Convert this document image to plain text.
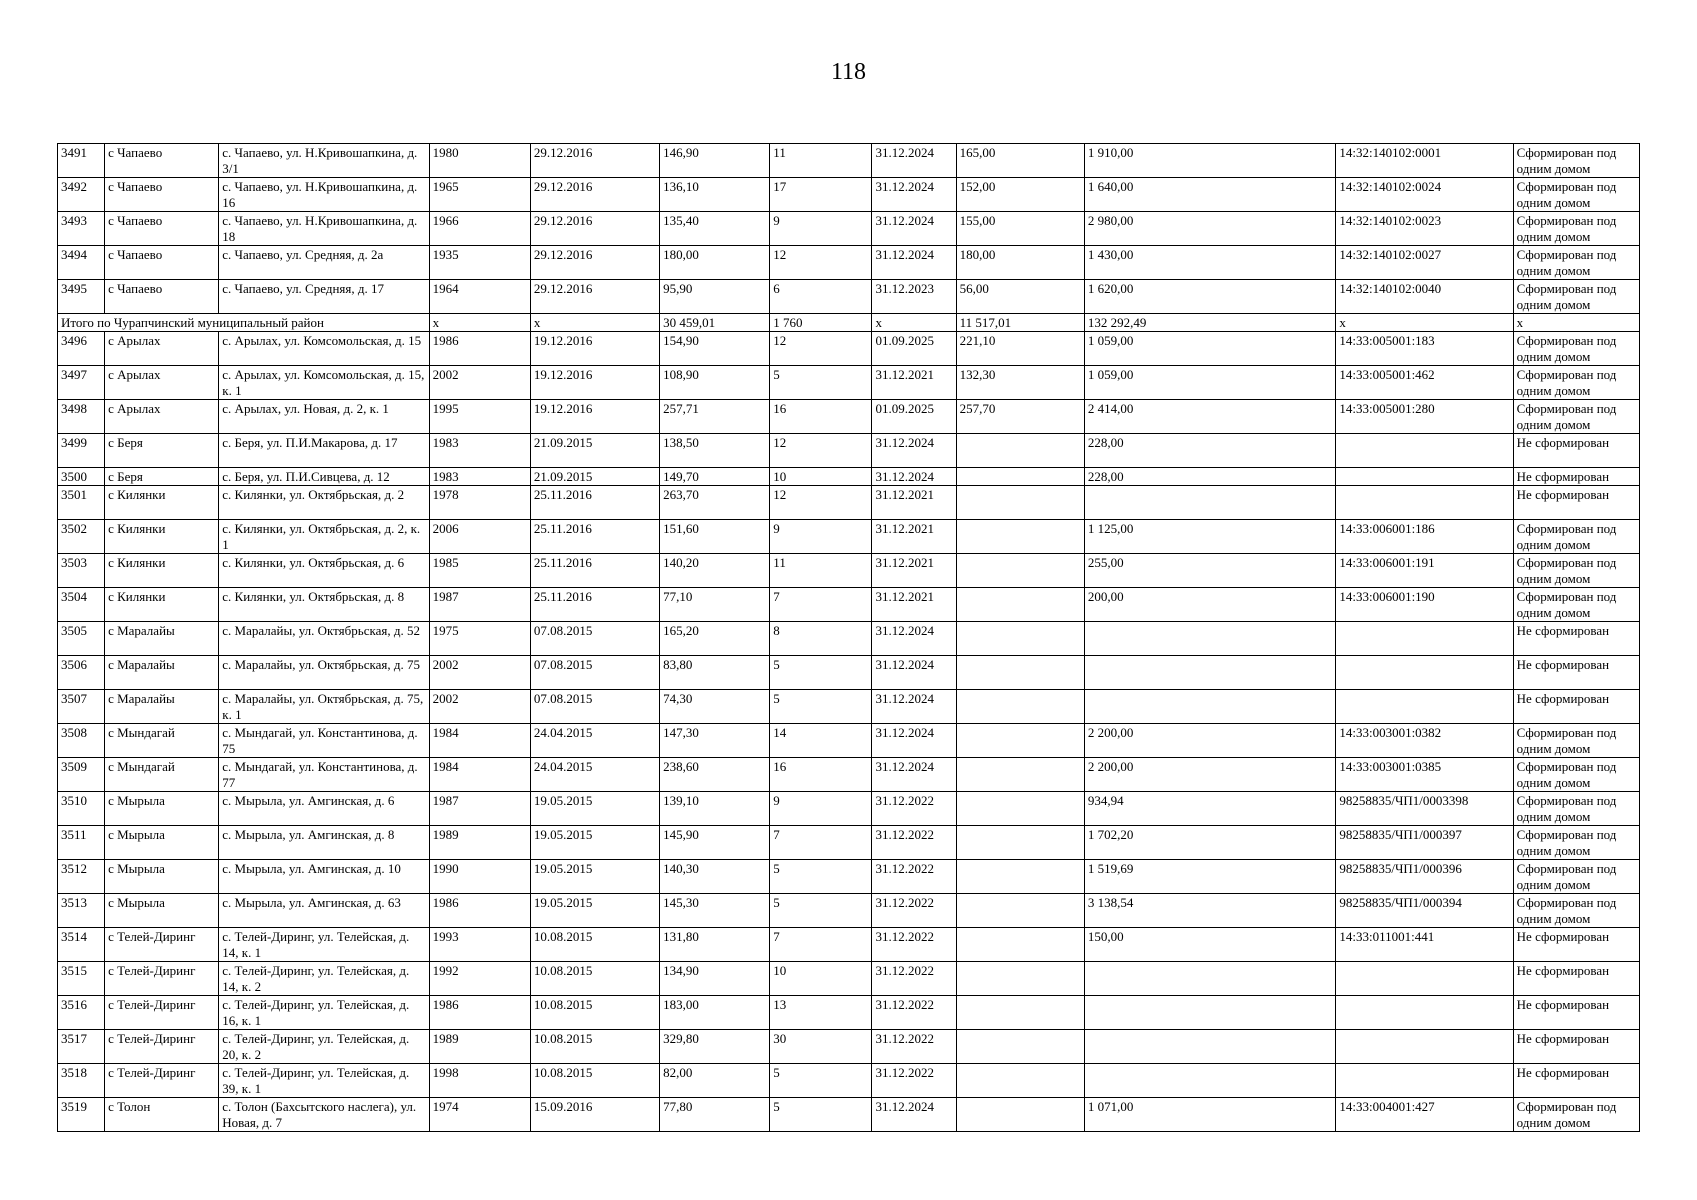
118
3491	с Чапаево	с. Чапаево, ул. Н.Кривошапкина, д. 3/1	1980	29.12.2016	146,90	11	31.12.2024	165,00	1 910,00	14:32:140102:0001	Сформирован под одним домом
3492	с Чапаево	с. Чапаево, ул. Н.Кривошапкина, д. 16	1965	29.12.2016	136,10	17	31.12.2024	152,00	1 640,00	14:32:140102:0024	Сформирован под одним домом
3493	с Чапаево	с. Чапаево, ул. Н.Кривошапкина, д. 18	1966	29.12.2016	135,40	9	31.12.2024	155,00	2 980,00	14:32:140102:0023	Сформирован под одним домом
3494	с Чапаево	с. Чапаево, ул. Средняя, д. 2а	1935	29.12.2016	180,00	12	31.12.2024	180,00	1 430,00	14:32:140102:0027	Сформирован под одним домом
3495	с Чапаево	с. Чапаево, ул. Средняя, д. 17	1964	29.12.2016	95,90	6	31.12.2023	56,00	1 620,00	14:32:140102:0040	Сформирован под одним домом
Итого по Чурапчинский муниципальный район			x	x	30 459,01	1 760	x	11 517,01	132 292,49	x	x
3496	с Арылах	с. Арылах, ул. Комсомольская, д. 15	1986	19.12.2016	154,90	12	01.09.2025	221,10	1 059,00	14:33:005001:183	Сформирован под одним домом
3497	с Арылах	с. Арылах, ул. Комсомольская, д. 15, к. 1	2002	19.12.2016	108,90	5	31.12.2021	132,30	1 059,00	14:33:005001:462	Сформирован под одним домом
3498	с Арылах	с. Арылах, ул. Новая, д. 2, к. 1	1995	19.12.2016	257,71	16	01.09.2025	257,70	2 414,00	14:33:005001:280	Сформирован под одним домом
3499	с Беря	с. Беря, ул. П.И.Макарова, д. 17	1983	21.09.2015	138,50	12	31.12.2024		228,00		Не сформирован
3500	с Беря	с. Беря, ул. П.И.Сивцева, д. 12	1983	21.09.2015	149,70	10	31.12.2024		228,00		Не сформирован
3501	с Килянки	с. Килянки, ул. Октябрьская, д. 2	1978	25.11.2016	263,70	12	31.12.2021				Не сформирован
3502	с Килянки	с. Килянки, ул. Октябрьская, д. 2, к. 1	2006	25.11.2016	151,60	9	31.12.2021		1 125,00	14:33:006001:186	Сформирован под одним домом
3503	с Килянки	с. Килянки, ул. Октябрьская, д. 6	1985	25.11.2016	140,20	11	31.12.2021		255,00	14:33:006001:191	Сформирован под одним домом
3504	с Килянки	с. Килянки, ул. Октябрьская, д. 8	1987	25.11.2016	77,10	7	31.12.2021		200,00	14:33:006001:190	Сформирован под одним домом
3505	с Маралайы	с. Маралайы, ул. Октябрьская, д. 52	1975	07.08.2015	165,20	8	31.12.2024				Не сформирован
3506	с Маралайы	с. Маралайы, ул. Октябрьская, д. 75	2002	07.08.2015	83,80	5	31.12.2024				Не сформирован
3507	с Маралайы	с. Маралайы, ул. Октябрьская, д. 75, к. 1	2002	07.08.2015	74,30	5	31.12.2024				Не сформирован
3508	с Мындагай	с. Мындагай, ул. Константинова, д. 75	1984	24.04.2015	147,30	14	31.12.2024		2 200,00	14:33:003001:0382	Сформирован под одним домом
3509	с Мындагай	с. Мындагай, ул. Константинова, д. 77	1984	24.04.2015	238,60	16	31.12.2024		2 200,00	14:33:003001:0385	Сформирован под одним домом
3510	с Мырыла	с. Мырыла, ул. Амгинская, д. 6	1987	19.05.2015	139,10	9	31.12.2022		934,94	98258835/ЧП1/0003398	Сформирован под одним домом
3511	с Мырыла	с. Мырыла, ул. Амгинская, д. 8	1989	19.05.2015	145,90	7	31.12.2022		1 702,20	98258835/ЧП1/000397	Сформирован под одним домом
3512	с Мырыла	с. Мырыла, ул. Амгинская, д. 10	1990	19.05.2015	140,30	5	31.12.2022		1 519,69	98258835/ЧП1/000396	Сформирован под одним домом
3513	с Мырыла	с. Мырыла, ул. Амгинская, д. 63	1986	19.05.2015	145,30	5	31.12.2022		3 138,54	98258835/ЧП1/000394	Сформирован под одним домом
3514	с Телей-Диринг	с. Телей-Диринг, ул. Телейская, д. 14, к. 1	1993	10.08.2015	131,80	7	31.12.2022		150,00	14:33:011001:441	Не сформирован
3515	с Телей-Диринг	с. Телей-Диринг, ул. Телейская, д. 14, к. 2	1992	10.08.2015	134,90	10	31.12.2022				Не сформирован
3516	с Телей-Диринг	с. Телей-Диринг, ул. Телейская, д. 16, к. 1	1986	10.08.2015	183,00	13	31.12.2022				Не сформирован
3517	с Телей-Диринг	с. Телей-Диринг, ул. Телейская, д. 20, к. 2	1989	10.08.2015	329,80	30	31.12.2022				Не сформирован
3518	с Телей-Диринг	с. Телей-Диринг, ул. Телейская, д. 39, к. 1	1998	10.08.2015	82,00	5	31.12.2022				Не сформирован
3519	с Толон	с. Толон (Бахсытского наслега), ул. Новая, д. 7	1974	15.09.2016	77,80	5	31.12.2024		1 071,00	14:33:004001:427	Сформирован под одним домом
